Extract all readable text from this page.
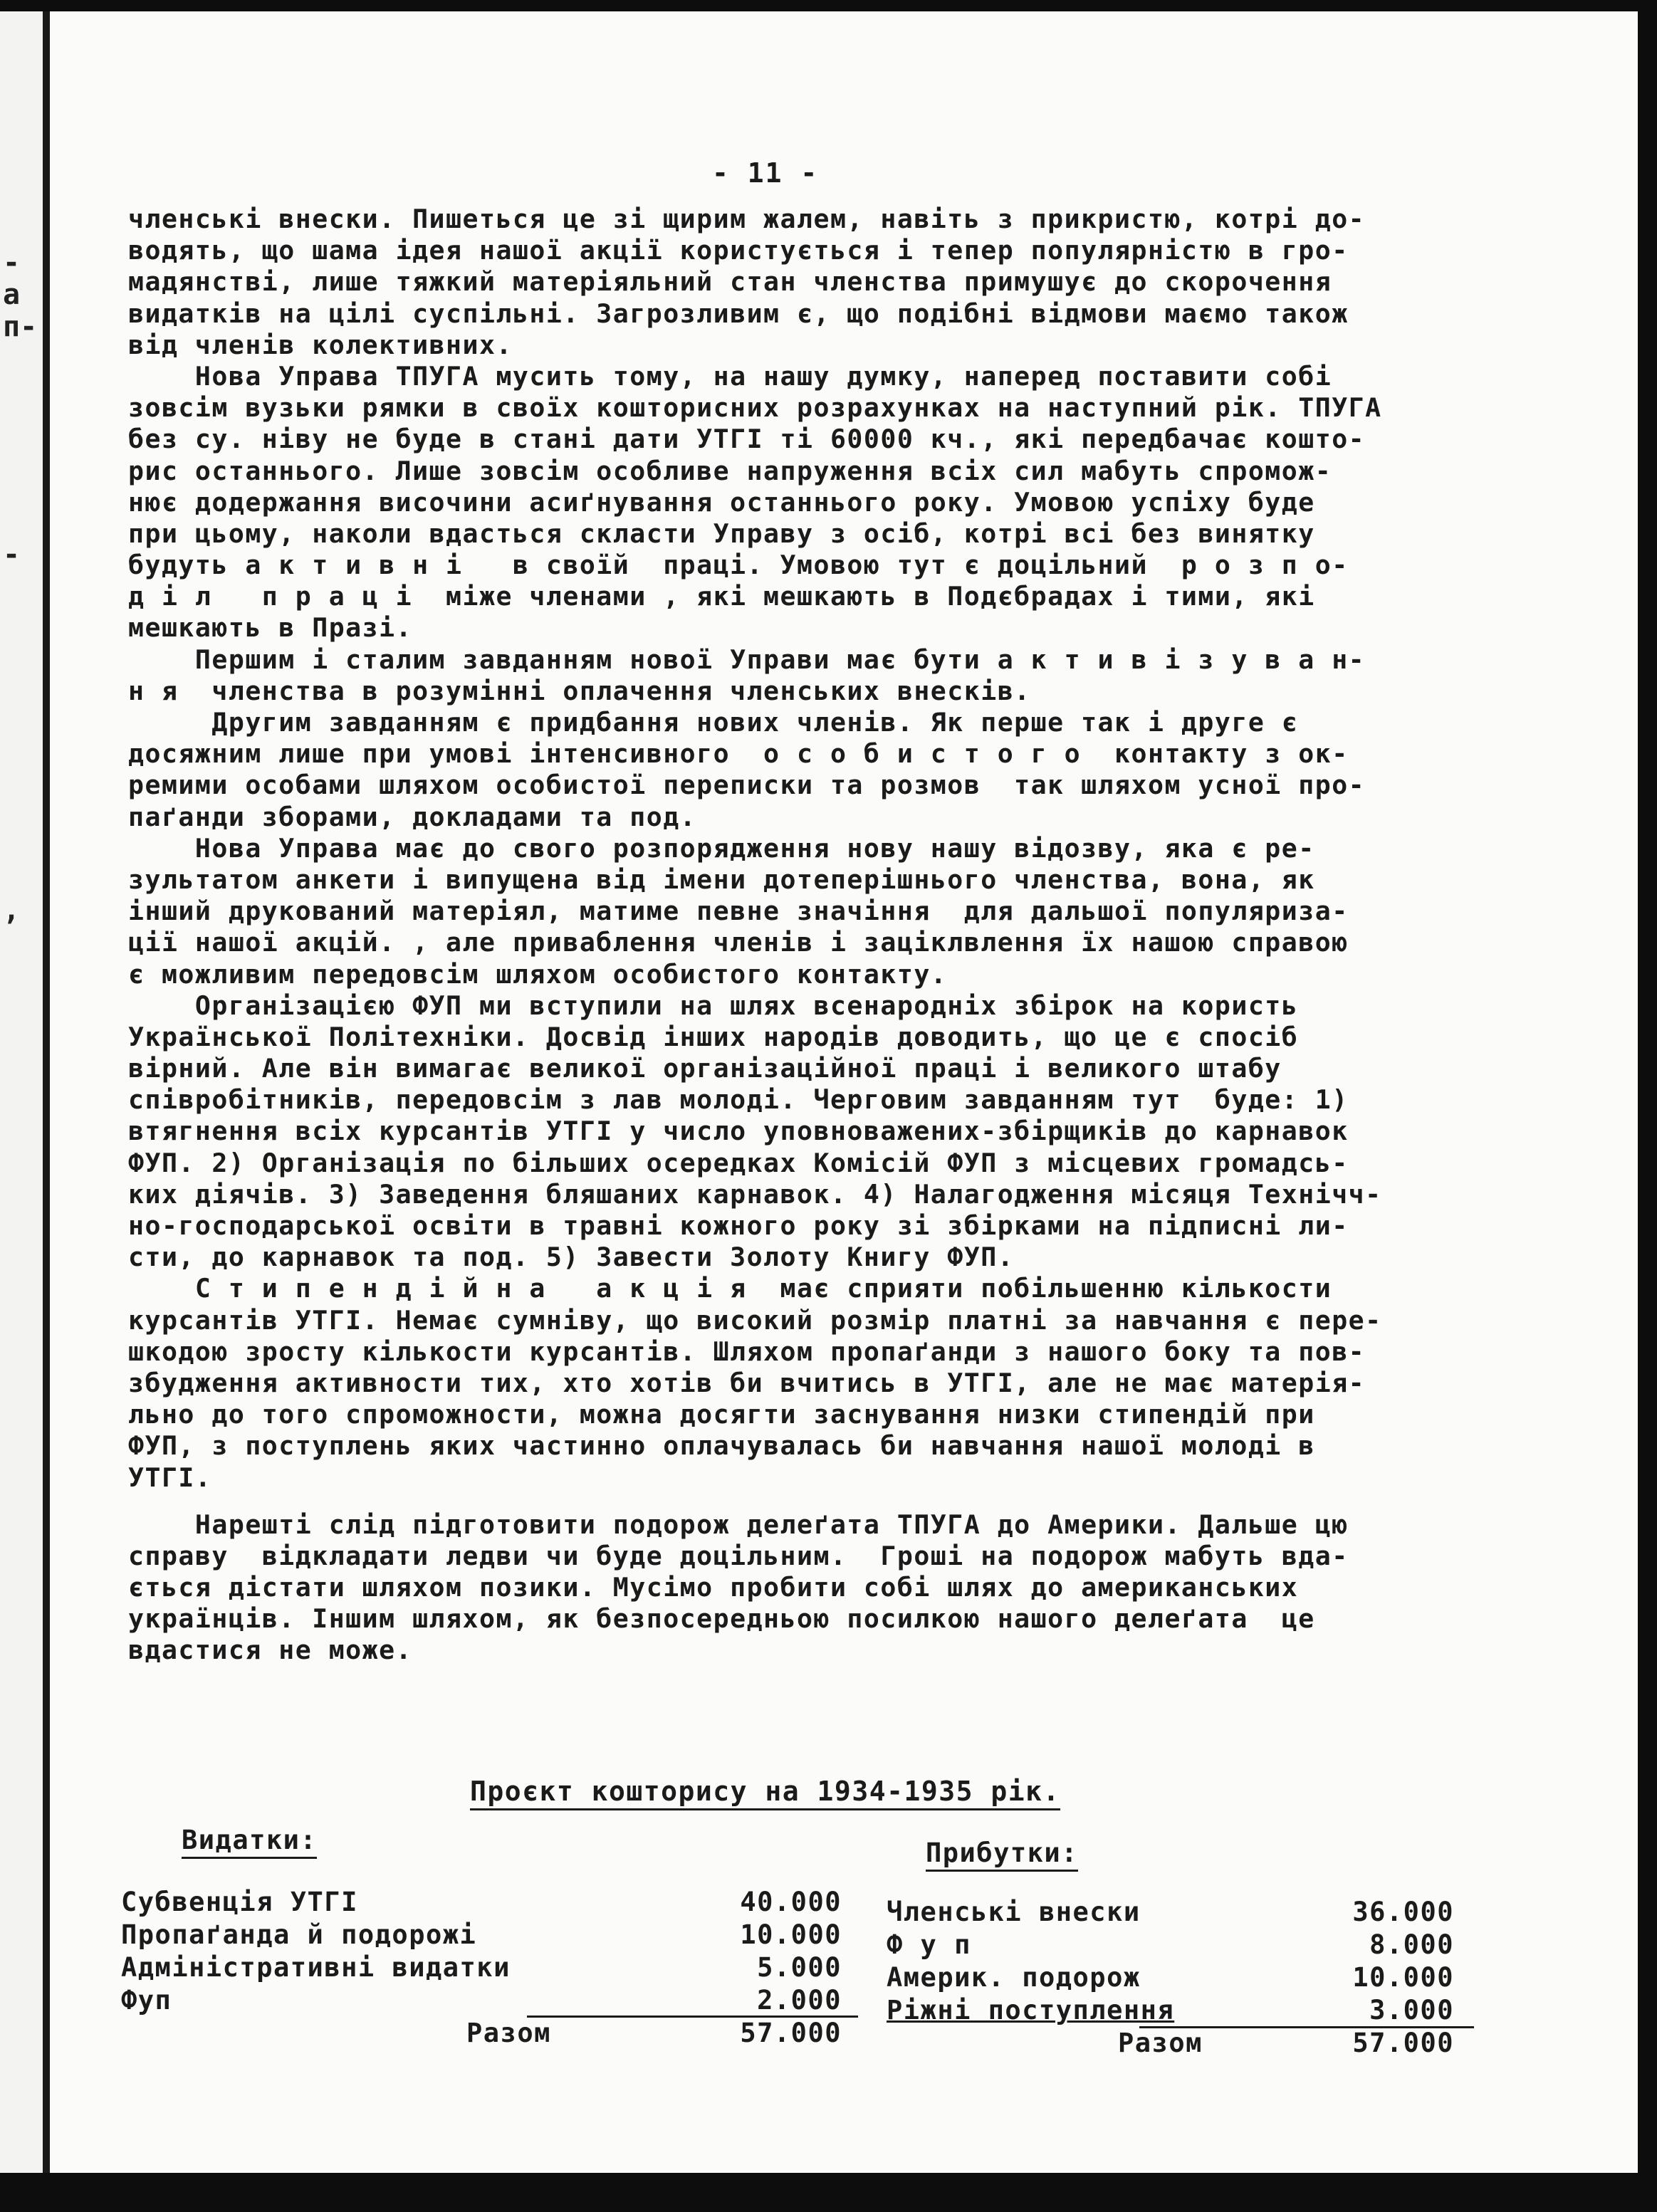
-
а
п-
-
,
- 11 -
членські внески. Пишеться це зі щирим жалем, навіть з прикристю, котрі до-
водять, що шама ідея нашої акції користується і тепер популярністю в гро-
мадянстві, лише тяжкий матеріяльний стан членства примушує до скорочення
видатків на цілі суспільні. Загрозливим є, що подібні відмови маємо також
від членів колективних.
Нова Управа ТПУГА мусить тому, на нашу думку, наперед поставити собі
зовсім вузьки рямки в своїх кошторисних розрахунках на наступний рік. ТПУГА
без су. ніву не буде в стані дати УТГІ ті 60000 кч., які передбачає кошто-
рис останнього. Лише зовсім особливе напруження всіх сил мабуть спромож-
нює додержання височини асиґнування останнього року. Умовою успіху буде
при цьому, наколи вдасться скласти Управу з осіб, котрі всі без винятку
будуть а к т и в н і   в своїй  праці. Умовою тут є доцільний  р о з п о-
д і л   п р а ц і  міже членами , які мешкають в Подєбрадах і тими, які
мешкають в Празі.
Першим і сталим завданням нової Управи має бути а к т и в і з у в а н-
н я  членства в розумінні оплачення членських внесків.
Другим завданням є придбання нових членів. Як перше так і друге є
досяжним лише при умові інтенсивного  о с о б и с т о г о  контакту з ок-
ремими особами шляхом особистої переписки та розмов  так шляхом усної про-
паґанди зборами, докладами та под.
Нова Управа має до свого розпорядження нову нашу відозву, яка є ре-
зультатом анкети і випущена від імени дотеперішнього членства, вона, як
інший друкований матеріял, матиме певне значіння  для дальшої популяриза-
ції нашої акцій. , але приваблення членів і заціклвлення їх нашою справою
є можливим передовсім шляхом особистого контакту.
Організацією ФУП ми вступили на шлях всенародніх збірок на користь
Української Політехніки. Досвід інших народів доводить, що це є спосіб
вірний. Але він вимагає великої організаційної праці і великого штабу
співробітників, передовсім з лав молоді. Черговим завданням тут  буде: 1)
втягнення всіх курсантів УТГІ у число уповноважених-збірщиків до карнавок
ФУП. 2) Організація по більших осередках Комісій ФУП з місцевих громадсь-
ких діячів. 3) Заведення бляшаних карнавок. 4) Налагодження місяця Технічч-
но-господарської освіти в травні кожного року зі збірками на підписні ли-
сти, до карнавок та под. 5) Завести Золоту Книгу ФУП.
С т и п е н д і й н а   а к ц і я  має сприяти побільшенню кількости
курсантів УТГІ. Немає сумніву, що високий розмір платні за навчання є пере-
шкодою зросту кількости курсантів. Шляхом пропаґанди з нашого боку та пов-
збудження активности тих, хто хотів би вчитись в УТГІ, але не має матерія-
льно до того спроможности, можна досягти заснування низки стипендій при
ФУП, з поступлень яких частинно оплачувалась би навчання нашої молоді в
УТГІ.
Нарешті слід підготовити подорож делеґата ТПУГА до Америки. Дальше цю
справу  відкладати ледви чи буде доцільним.  Гроші на подорож мабуть вда-
ється дістати шляхом позики. Мусімо пробити собі шлях до американських
українців. Іншим шляхом, як безпосередньою посилкою нашого делеґата  це
вдастися не може.
Проєкт кошторису на 1934-1935 рік.
Видатки:	Прибутки:
Субвенція УТГІ	40.000
Пропаґанда й подорожі	10.000
Адміністративні видатки	5.000
Фуп	2.000
Разом	57.000
Членські внески	36.000
Ф у п	8.000
Америк. подорож	10.000
Ріжні поступлення	3.000
Разом	57.000
